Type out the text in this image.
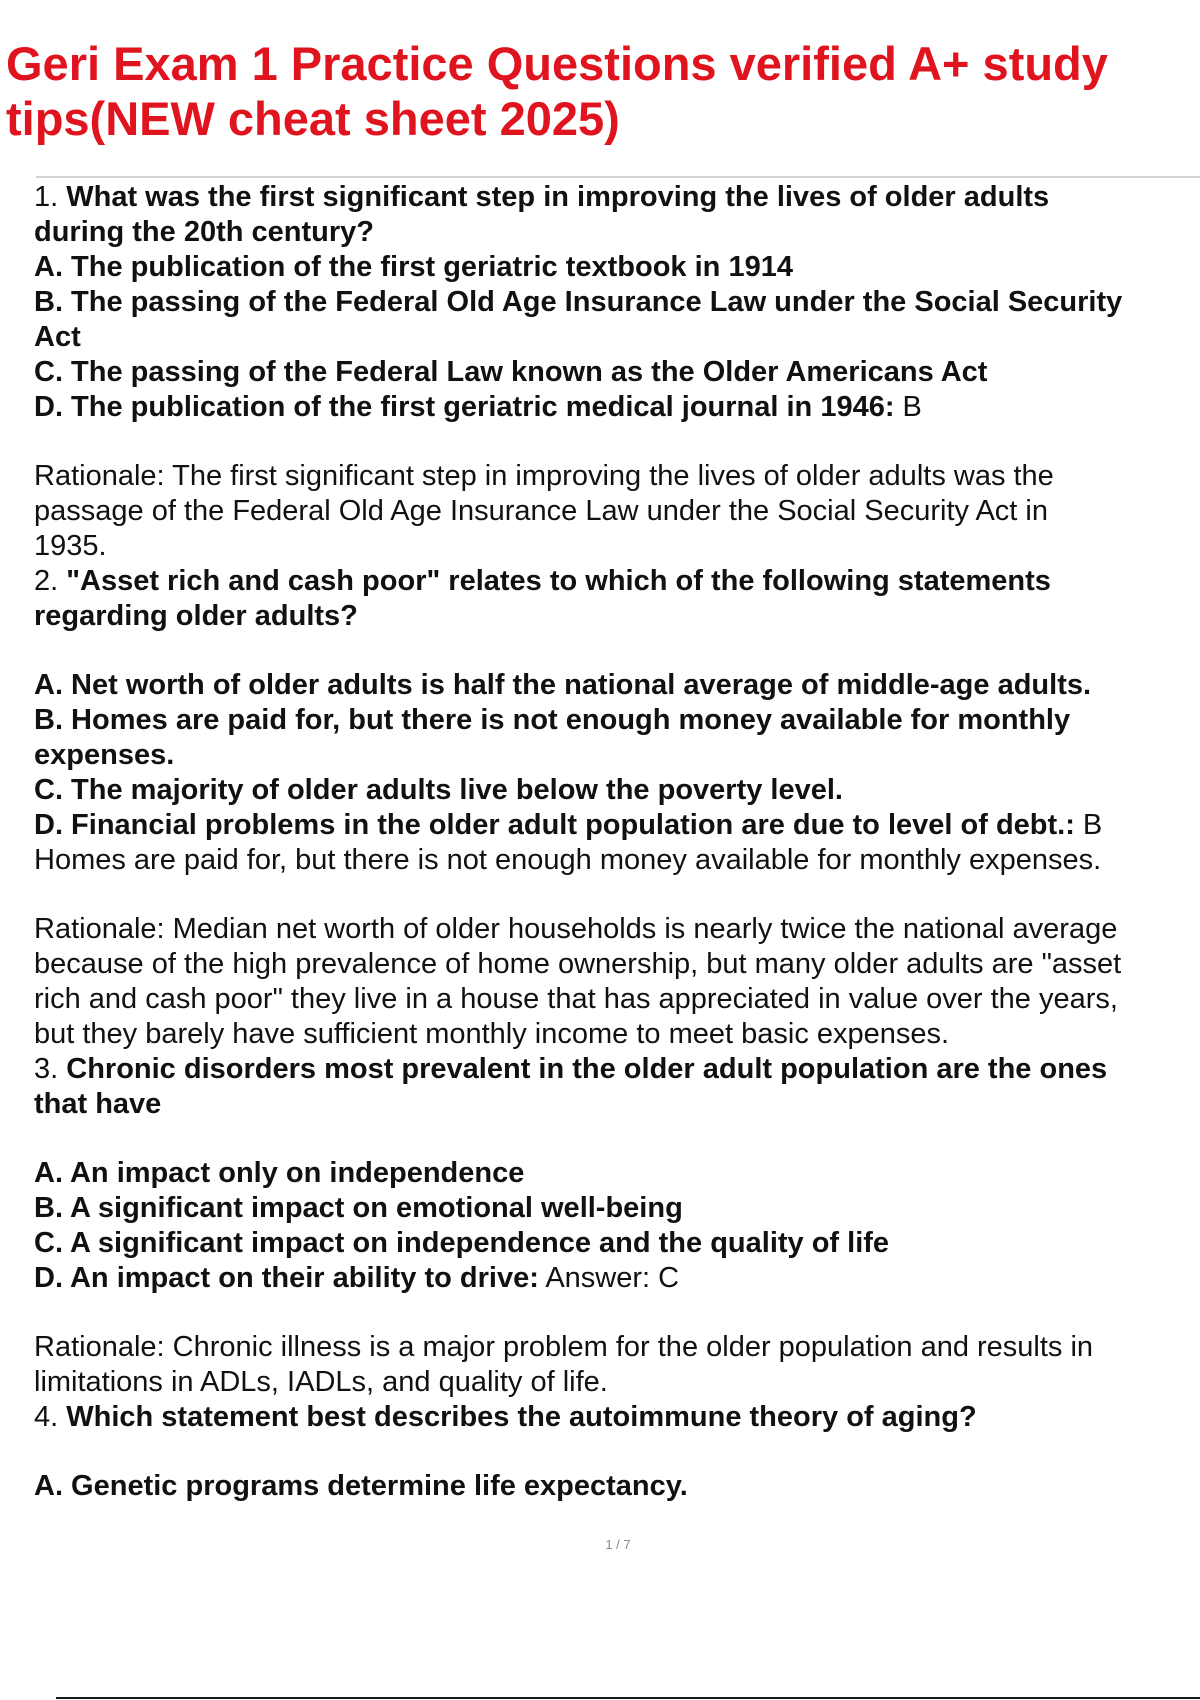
Geri Exam 1 Practice Questions verified A+ study
tips(NEW cheat sheet 2025)
1. What was the first significant step in improving the lives of older adults
during the 20th century?
A. The publication of the first geriatric textbook in 1914
B. The passing of the Federal Old Age Insurance Law under the Social Security
Act
C. The passing of the Federal Law known as the Older Americans Act
D. The publication of the first geriatric medical journal in 1946: B
Rationale: The first significant step in improving the lives of older adults was the
passage of the Federal Old Age Insurance Law under the Social Security Act in
1935.
2. "Asset rich and cash poor" relates to which of the following statements
regarding older adults?
A. Net worth of older adults is half the national average of middle-age adults.
B. Homes are paid for, but there is not enough money available for monthly
expenses.
C. The majority of older adults live below the poverty level.
D. Financial problems in the older adult population are due to level of debt.: B
Homes are paid for, but there is not enough money available for monthly expenses.
Rationale: Median net worth of older households is nearly twice the national average
because of the high prevalence of home ownership, but many older adults are "asset
rich and cash poor" they live in a house that has appreciated in value over the years,
but they barely have sufficient monthly income to meet basic expenses.
3. Chronic disorders most prevalent in the older adult population are the ones
that have
A. An impact only on independence
B. A significant impact on emotional well-being
C. A significant impact on independence and the quality of life
D. An impact on their ability to drive: Answer: C
Rationale: Chronic illness is a major problem for the older population and results in
limitations in ADLs, IADLs, and quality of life.
4. Which statement best describes the autoimmune theory of aging?
A. Genetic programs determine life expectancy.
1 / 7
